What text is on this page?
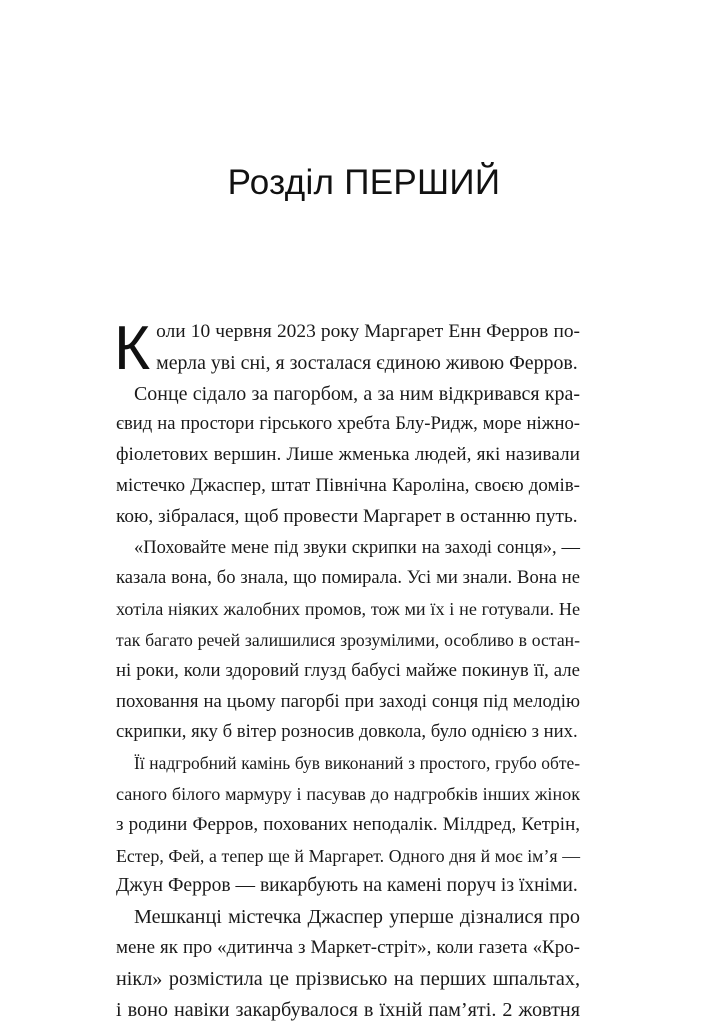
Розділ ПЕРШИЙ
К оли 10 червня 2023 року Маргарет Енн Ферров по-
мерла уві сні, я зосталася єдиною живою Ферров.
Сонце сідало за пагорбом, а за ним відкривався кра-
євид на простори гірського хребта Блу-Ридж, море ніжно-
фіолетових вершин. Лише жменька людей, які називали
містечко Джаспер, штат Північна Кароліна, своєю домів-
кою, зібралася, щоб провести Маргарет в останню путь.
«Поховайте мене під звуки скрипки на заході сонця», —
казала вона, бо знала, що помирала. Усі ми знали. Вона не
хотіла ніяких жалобних промов, тож ми їх і не готували. Не
так багато речей залишилися зрозумілими, особливо в остан-
ні роки, коли здоровий глузд бабусі майже покинув її, але
поховання на цьому пагорбі при заході сонця під мелодію
скрипки, яку б вітер розносив довкола, було однією з них.
Її надгробний камінь був виконаний з простого, грубо обте-
саного білого мармуру і пасував до надгробків інших жінок
з родини Ферров, похованих неподалік. Мілдред, Кетрін,
Естер, Фей, а тепер ще й Маргарет. Одного дня й моє ім’я —
Джун Ферров — викарбують на камені поруч із їхніми.
Мешканці містечка Джаспер уперше дізналися про
мене як про «дитинча з Маркет-стріт», коли газета «Кро-
нікл» розмістила це прізвисько на перших шпальтах,
і воно навіки закарбувалося в їхній пам’яті. 2 жовтня
